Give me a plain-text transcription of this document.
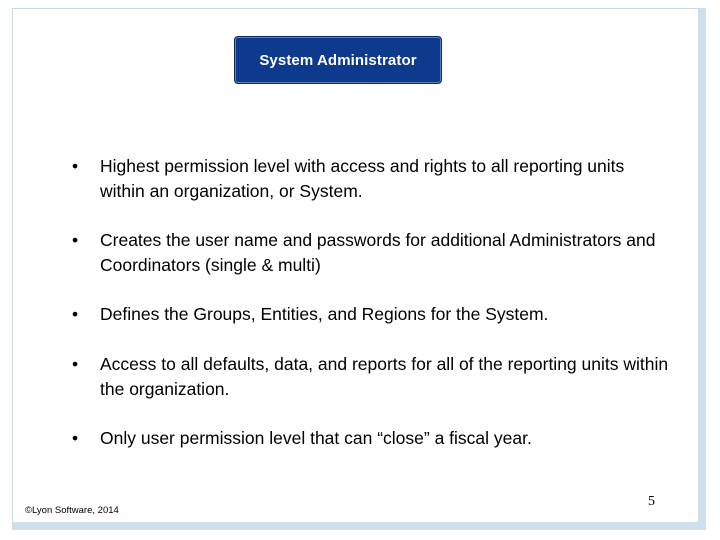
System Administrator
•	Highest permission level with access and rights to all reporting units within an organization, or System.
•	Creates the user name and passwords for additional Administrators and Coordinators (single & multi)
•	Defines the Groups, Entities, and Regions for the System.
•	Access to all defaults, data, and reports for all of the reporting units within the organization.
•	Only user permission level that can “close” a fiscal year.
©Lyon Software, 2014
5
